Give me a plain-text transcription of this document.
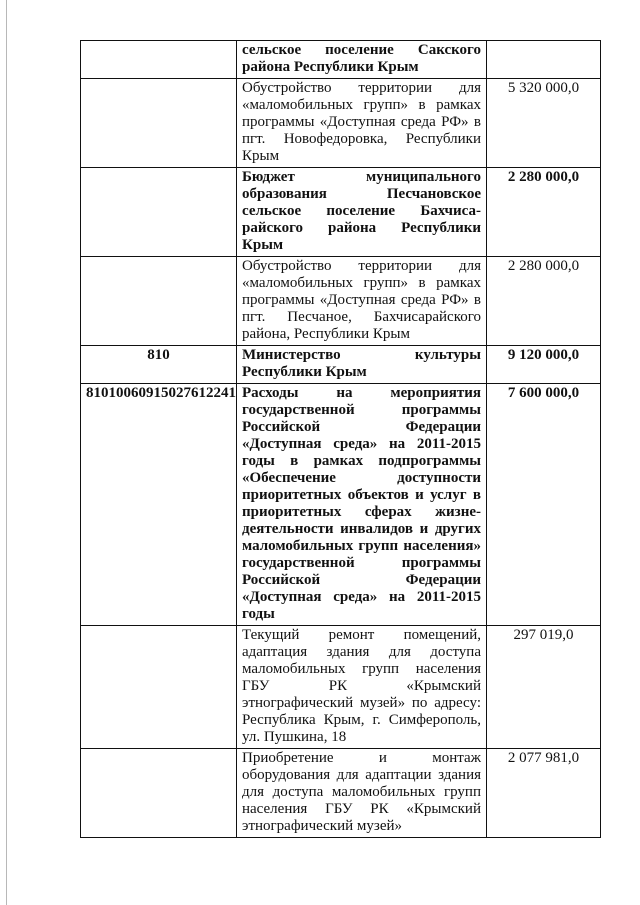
	сельское поселение Сакского района Республики Крым	
	Обустройство территории для «маломобильных групп» в рамках программы «Доступная среда РФ» в пгт. Новофедоровка, Республики Крым	5 320 000,0
	Бюджет муниципального образования Песчановское сельское поселение Бахчисарайского района Республики Крым	2 280 000,0
	Обустройство территории для «маломобильных групп» в рамках программы «Доступная среда РФ» в пгт. Песчаное, Бахчисарайского района, Республики Крым	2 280 000,0
810	Министерство культуры Республики Крым	9 120 000,0
81010060915027612241	Расходы на мероприятия государственной программы Российской Федерации «Доступная среда» на 2011-2015 годы в рамках подпрограммы «Обеспечение доступности приоритетных объектов и услуг в приоритетных сферах жизнедеятельности инвалидов и других маломобильных групп населения» государственной программы Российской Федерации «Доступная среда» на 2011-2015 годы	7 600 000,0
	Текущий ремонт помещений, адаптация здания для доступа маломобильных групп населения ГБУ РК «Крымский этнографический музей» по адресу: Республика Крым, г. Симферополь, ул. Пушкина, 18	297 019,0
	Приобретение и монтаж оборудования для адаптации здания для доступа маломобильных групп населения ГБУ РК «Крымский этнографический музей»	2 077 981,0
